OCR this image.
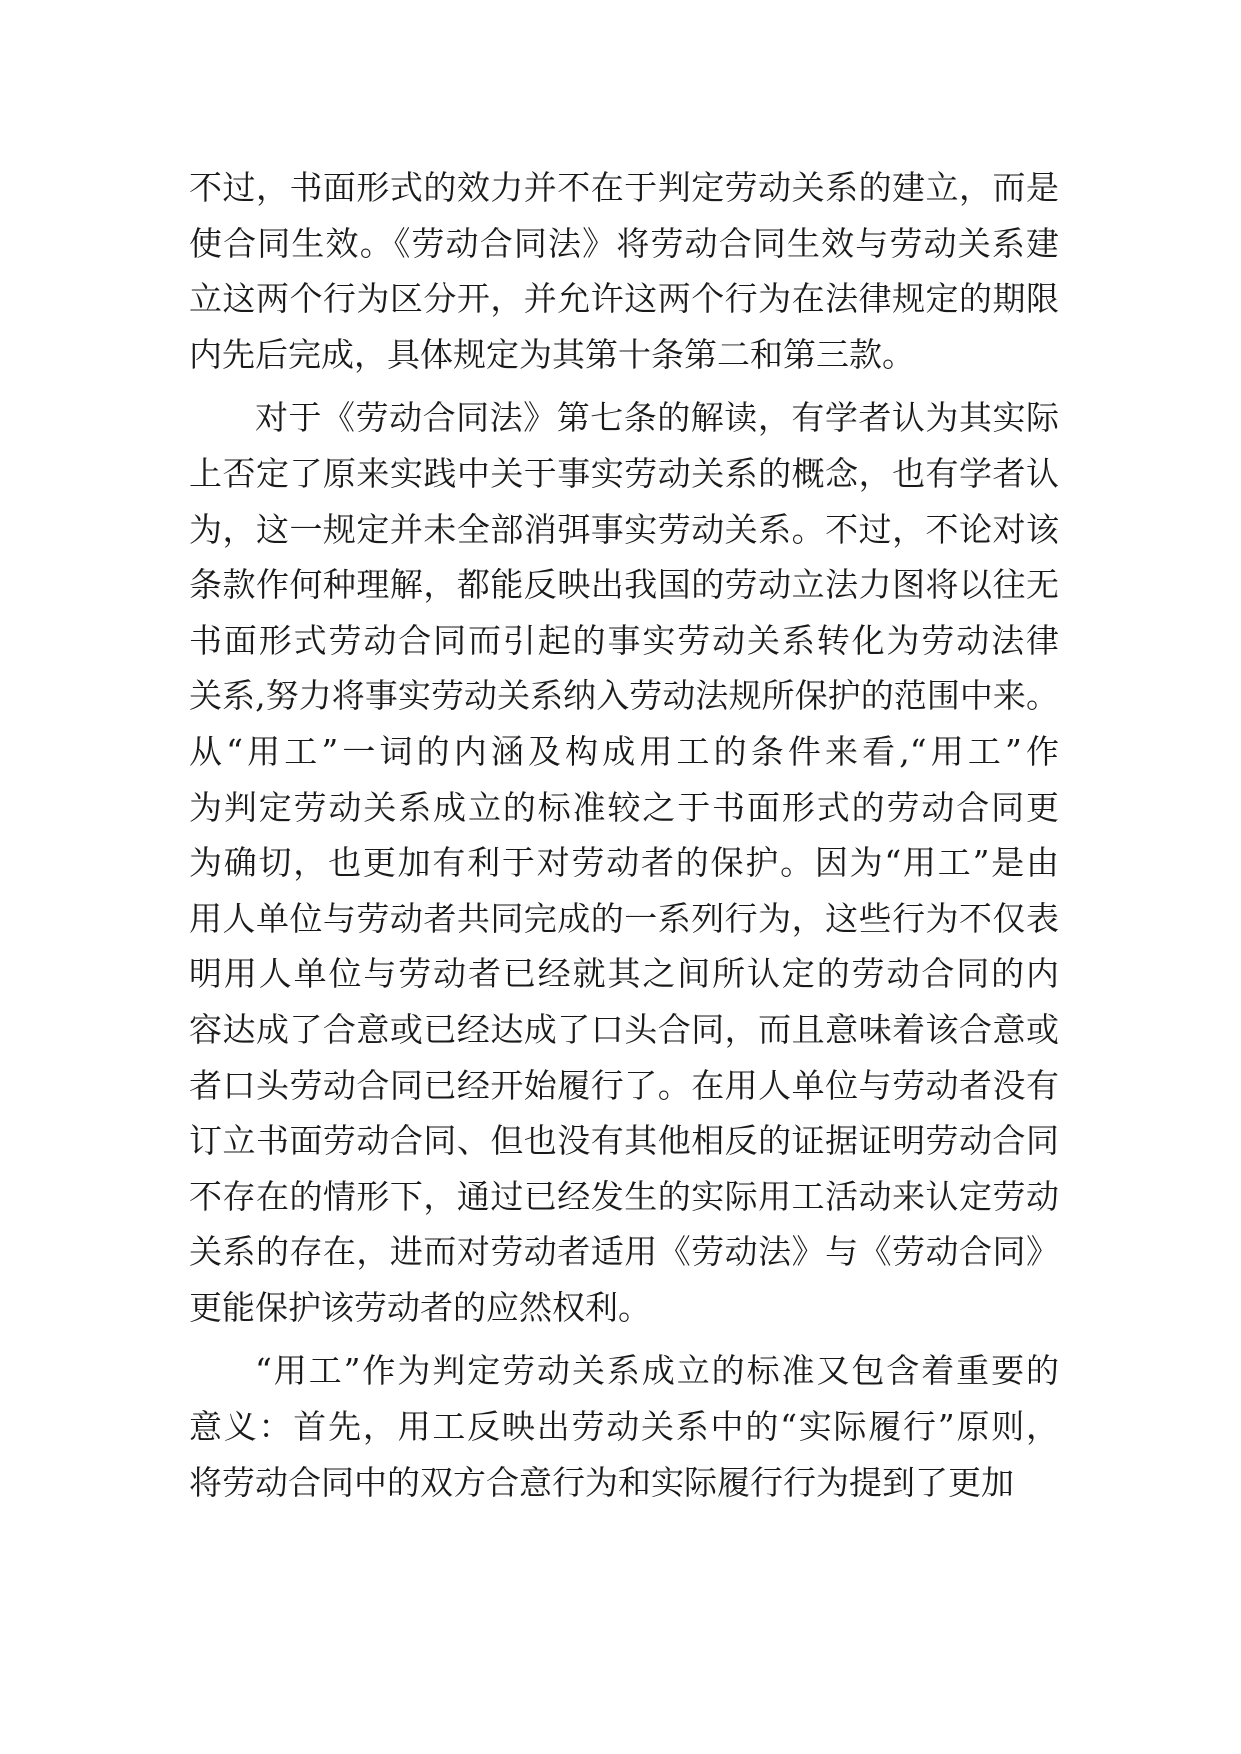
不过，书面形式的效力并不在于判定劳动关系的建立，而是
使合同生效。《劳动合同法》将劳动合同生效与劳动关系建
立这两个行为区分开，并允许这两个行为在法律规定的期限
内先后完成，具体规定为其第十条第二和第三款。
对于《劳动合同法》第七条的解读，有学者认为其实际
上否定了原来实践中关于事实劳动关系的概念，也有学者认
为，这一规定并未全部消弭事实劳动关系。不过，不论对该
条款作何种理解，都能反映出我国的劳动立法力图将以往无
书面形式劳动合同而引起的事实劳动关系转化为劳动法律
关系,努力将事实劳动关系纳入劳动法规所保护的范围中来。
从“用工”一词的内涵及构成用工的条件来看,“用工”作
为判定劳动关系成立的标准较之于书面形式的劳动合同更
为确切，也更加有利于对劳动者的保护。因为“用工”是由
用人单位与劳动者共同完成的一系列行为，这些行为不仅表
明用人单位与劳动者已经就其之间所认定的劳动合同的内
容达成了合意或已经达成了口头合同，而且意味着该合意或
者口头劳动合同已经开始履行了。在用人单位与劳动者没有
订立书面劳动合同、但也没有其他相反的证据证明劳动合同
不存在的情形下，通过已经发生的实际用工活动来认定劳动
关系的存在，进而对劳动者适用《劳动法》与《劳动合同》
更能保护该劳动者的应然权利。
“用工”作为判定劳动关系成立的标准又包含着重要的
意义：首先，用工反映出劳动关系中的“实际履行”原则，
将劳动合同中的双方合意行为和实际履行行为提到了更加
